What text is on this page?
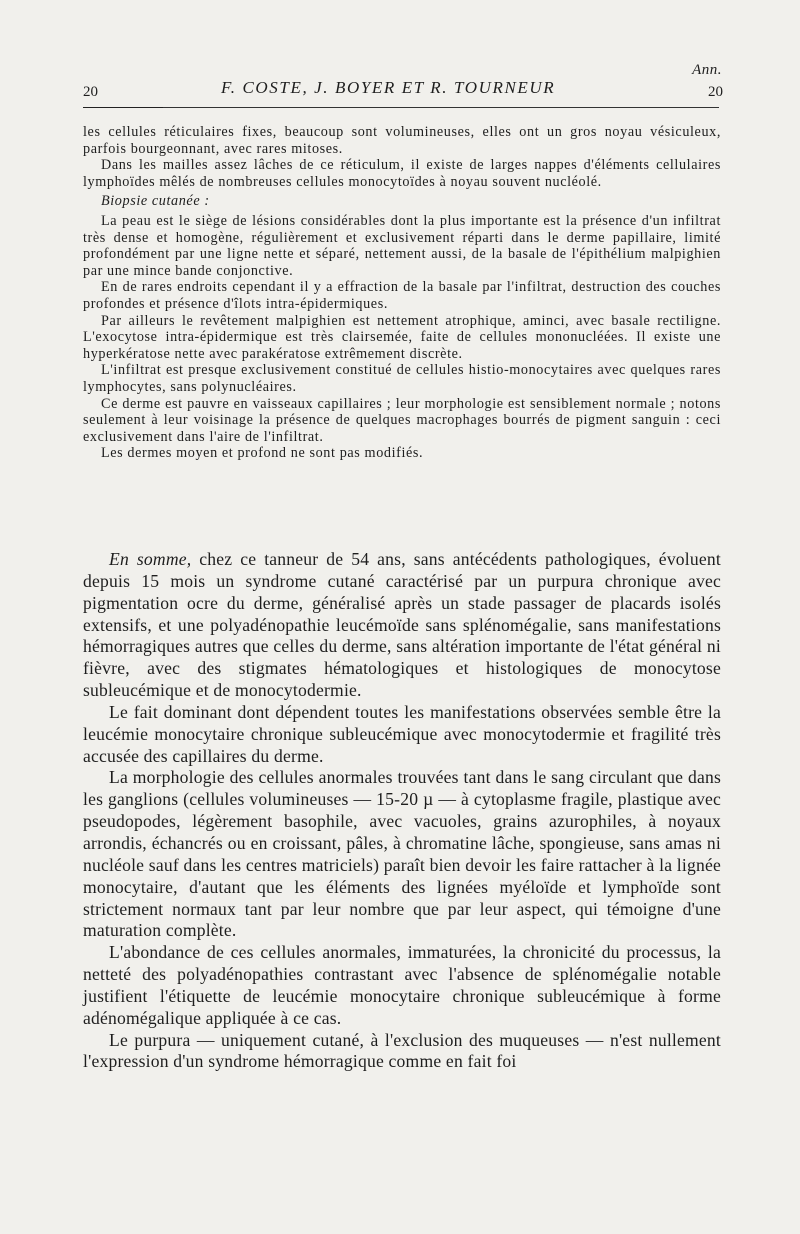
Ann.
20	F. COSTE, J. BOYER ET R. TOURNEUR	20

les cellules réticulaires fixes, beaucoup sont volumineuses, elles ont un gros noyau vésiculeux, parfois bourgeonnant, avec rares mitoses.

Dans les mailles assez lâches de ce réticulum, il existe de larges nappes d'éléments cellulaires lymphoïdes mêlés de nombreuses cellules monocytoïdes à noyau souvent nucléolé.

Biopsie cutanée :

La peau est le siège de lésions considérables dont la plus importante est la présence d'un infiltrat très dense et homogène, régulièrement et exclusivement réparti dans le derme papillaire, limité profondément par une ligne nette et séparé, nettement aussi, de la basale de l'épithélium malpighien par une mince bande conjonctive.

En de rares endroits cependant il y a effraction de la basale par l'infiltrat, destruction des couches profondes et présence d'îlots intra-épidermiques.

Par ailleurs le revêtement malpighien est nettement atrophique, aminci, avec basale rectiligne. L'exocytose intra-épidermique est très clairsemée, faite de cellules mononucléées. Il existe une hyperkératose nette avec parakératose extrêmement discrète.

L'infiltrat est presque exclusivement constitué de cellules histio-monocytaires avec quelques rares lymphocytes, sans polynucléaires.

Ce derme est pauvre en vaisseaux capillaires ; leur morphologie est sensiblement normale ; notons seulement à leur voisinage la présence de quelques macrophages bourrés de pigment sanguin : ceci exclusivement dans l'aire de l'infiltrat.

Les dermes moyen et profond ne sont pas modifiés.

En somme, chez ce tanneur de 54 ans, sans antécédents pathologiques, évoluent depuis 15 mois un syndrome cutané caractérisé par un purpura chronique avec pigmentation ocre du derme, généralisé après un stade passager de placards isolés extensifs, et une polyadénopathie leucémoïde sans splénomégalie, sans manifestations hémorragiques autres que celles du derme, sans altération importante de l'état général ni fièvre, avec des stigmates hématologiques et histologiques de monocytose subleucémique et de monocytodermie.

Le fait dominant dont dépendent toutes les manifestations observées semble être la leucémie monocytaire chronique subleucémique avec monocytodermie et fragilité très accusée des capillaires du derme.

La morphologie des cellules anormales trouvées tant dans le sang circulant que dans les ganglions (cellules volumineuses — 15-20 µ — à cytoplasme fragile, plastique avec pseudopodes, légèrement basophile, avec vacuoles, grains azurophiles, à noyaux arrondis, échancrés ou en croissant, pâles, à chromatine lâche, spongieuse, sans amas ni nucléole sauf dans les centres matriciels) paraît bien devoir les faire rattacher à la lignée monocytaire, d'autant que les éléments des lignées myéloïde et lymphoïde sont strictement normaux tant par leur nombre que par leur aspect, qui témoigne d'une maturation complète.

L'abondance de ces cellules anormales, immaturées, la chronicité du processus, la netteté des polyadénopathies contrastant avec l'absence de splénomégalie notable justifient l'étiquette de leucémie monocytaire chronique subleucémique à forme adénomégalique appliquée à ce cas.

Le purpura — uniquement cutané, à l'exclusion des muqueuses — n'est nullement l'expression d'un syndrome hémorragique comme en fait foi
